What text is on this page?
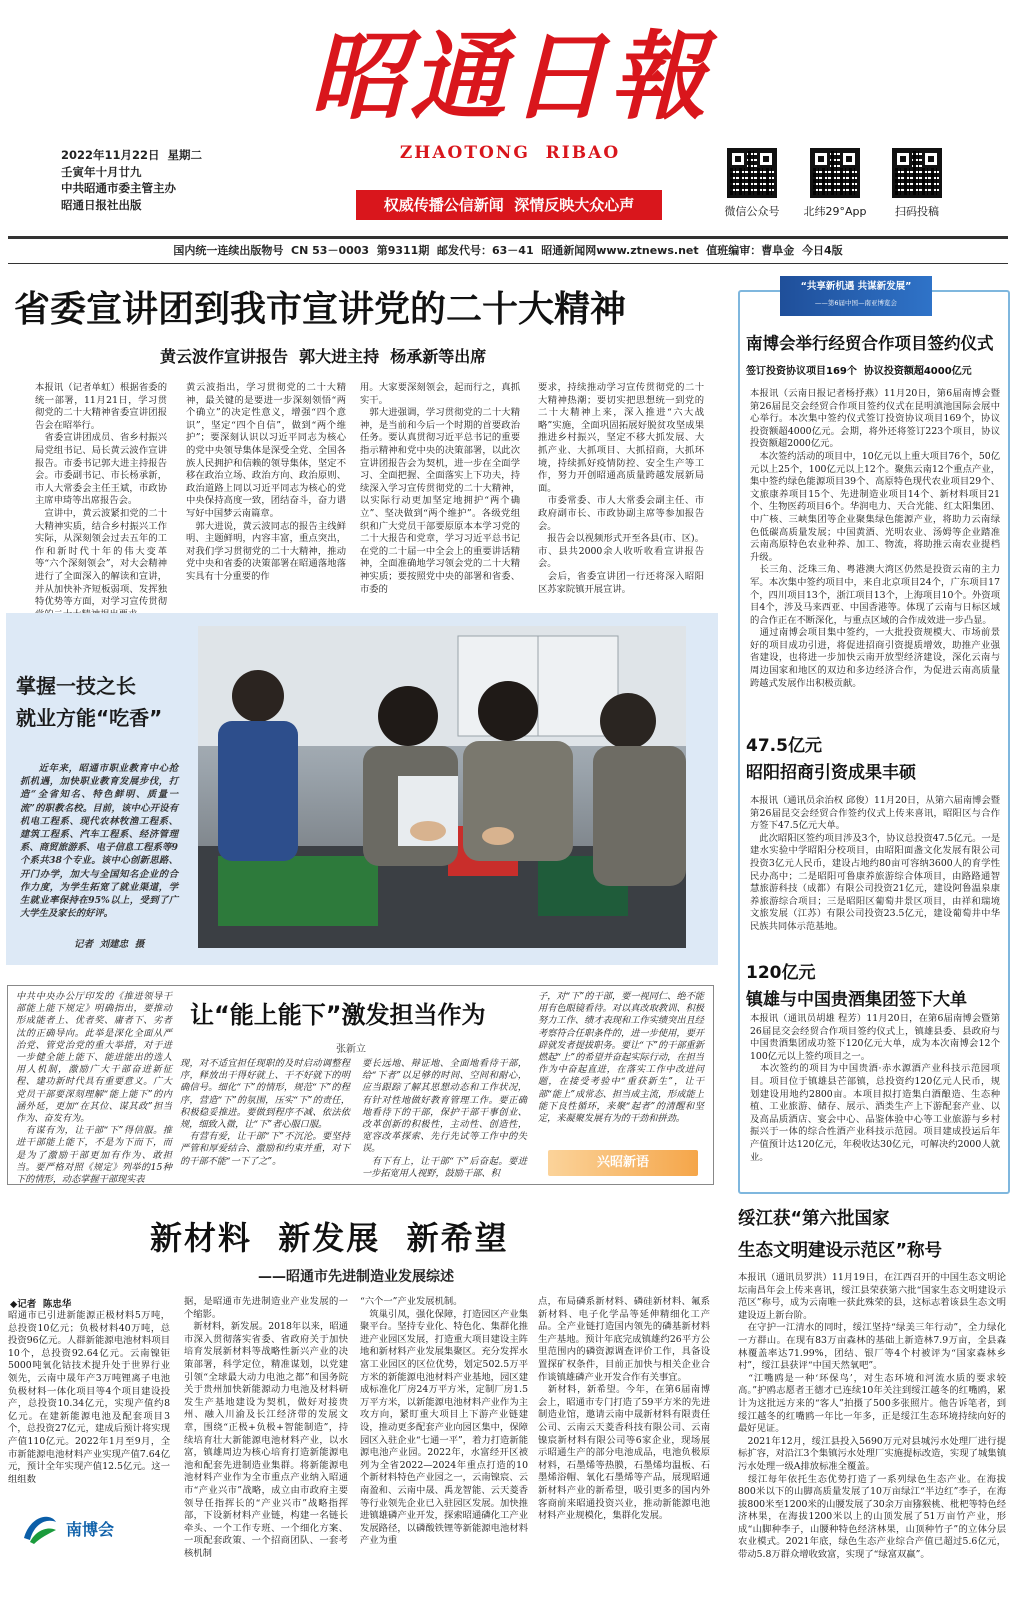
昭通日報
ZHAOTONG  RIBAO
权威传播公信新闻  深情反映大众心声
2022年11月22日  星期二
壬寅年十月廿九
中共昭通市委主管主办
昭通日报社出版	微信公众号	北纬29°App	扫码投稿
国内统一连续出版物号  CN 53－0003  第9311期  邮发代号：63－41  昭通新闻网www.ztnews.net  值班编审：曹阜金  今日4版
省委宣讲团到我市宣讲党的二十大精神
黄云波作宣讲报告  郭大进主持  杨承新等出席
本报讯（记者单虹）根据省委的统一部署，11月21日，学习贯彻党的二十大精神省委宣讲团报告会在昭举行。
　省委宣讲团成员、省乡村振兴局党组书记、局长黄云波作宣讲报告。市委书记郭大进主持报告会。市委副书记、市长杨承新，市人大常委会主任王斌，市政协主席申琦等出席报告会。
　宣讲中，黄云波紧扣党的二十大精神实质，结合乡村振兴工作实际，从深刻领会过去五年的工作和新时代十年的伟大变革等“六个深刻领会”，对大会精神进行了全面深入的解读和宣讲，并从加快补齐短板弱项、发挥独特优势等方面，对学习宣传贯彻
黄云波指出，学习贯彻党的二十大精神，最关键的是要进一步深刻领悟“两个确立”的决定性意义，增强“四个意识”，坚定“四个自信”，做到“两个维护”；要深刻认识以习近平同志为核心的党中央领导集体是深受全党、全国各族人民拥护和信赖的领导集体，坚定不移在政治立场、政治方向、政治原则、政治道路上同以习近平同志为核心的党中央保持高度一致，团结奋斗，奋力谱写好中国梦云南篇章。
　郭大进说，黄云波同志的报告主线鲜明、主题鲜明，内容丰富，重点突出，对我们学习贯彻党的二十大精神，推动党中央和省委的决策部署在昭通落地落实具有十分重要的作
用。大家要深刻领会，起而行之，真抓实干。
　郭大进强调，学习贯彻党的二十大精神，是当前和今后一个时期的首要政治任务。要认真贯彻习近平总书记的重要指示精神和党中央的决策部署，以此次宣讲团报告会为契机，进一步在全面学习、全面把握、全面落实上下功夫，持续深入学习宣传贯彻党的二十大精神，以实际行动更加坚定地拥护“两个确立”、坚决做到“两个维护”。各级党组织和广大党员干部要原原本本学习党的二十大报告和党章，学习习近平总书记在党的二十届一中全会上的重要讲话精神，全面准确地学习领会党的二十大精神实质；要按照党中央的部署和省委、市委的
要求，持续推动学习宣传贯彻党的二十大精神热潮；要切实把思想统一到党的二十大精神上来，深入推进“六大战略”实施，全面巩固拓展好脱贫攻坚成果推进乡村振兴，坚定不移大抓发展、大抓产业、大抓项目、大抓招商，大抓环境，持续抓好疫情防控、安全生产等工作，努力开创昭通高质量跨越发展新局面。
　市委常委、市人大常委会副主任、市政府副市长、市政协副主席等参加报告会。
　报告会以视频形式开至各县(市、区)。市、县共2000余人收听收看宣讲报告会。
　会后，省委宣讲团一行还将深入昭阳区苏家院镇开展宣讲。
掌握一技之长
就业方能“吃香”
近年来，昭通市职业教育中心抢抓机遇，加快职业教育发展步伐，打造“全省知名、特色鲜明、质量一流”的职教名校。目前，该中心开设有机电工程系、现代农林牧渔工程系、建筑工程系、汽车工程系、经济管理系、商贸旅游系、电子信息工程系等9个系共38个专业。该中心创新思路、开门办学，加大与全国知名企业的合作力度，为学生拓宽了就业渠道，学生就业率保持在95%以上，受到了广大学生及家长的好评。
记者  刘建忠  摄
中共中央办公厅印发的《推进领导干部能上能下规定》明确指出，要推动形成能者上、优者奖、庸者下、劣者汰的正确导向。此举是深化全面从严治党、管党治党的重大举措，对于进一步健全能上能下、能进能出的选人用人机制，激励广大干部奋进新征程、建功新时代具有重要意义。广大党员干部要深刻理解“能上能下”的内涵外延，更加“在其位、谋其政”担当作为、奋发有为。
　有谋有为，让干部“下”得信服。推进干部能上能下，不是为下而下，而是为了激励干部更加有作为、敢担当。要严格对照《规定》列举的15种下的情形，动态掌握干部现实表
让“能上能下”激发担当作为
张新立
现，对不适宜担任现职的及时启动调整程序，释放出干得好就上、干不好就下的明确信号。细化“下”的情形，规范“下”的程序，营造“下”的氛围，压实“下”的责任，积极稳妥推进。要做到程序不减、依法依规，细致入微，让“下”者心服口服。
　有营有爱，让干部“下”不沉沦。要坚持严管和厚爱结合、激励和约束并重，对下的干部不能“一下了之”。
要长远地、辩证地、全面地看待干部，给“下者”以足够的时间、空间和耐心，应当跟踪了解其思想动态和工作状况，有针对性地做好教育管理工作。要正确地看待下的干部，保护干部干事创业、改革创新的积极性，主动性、创造性，宽容改革探索、先行先试等工作中的失误。
　有下有上，让干部“下”后奋起。要进一步拓宽用人视野，鼓励干部、积
子，对“下”的干部，要一视同仁、绝不能用有色眼镜看待。对以真改取教训、积极努力工作、绩才表现和工作实绩突出且经考察符合任职条件的，进一步使用，要开辟就发者提拔职务。要让“下”的干部重新燃起“上”的希望并奋起实际行动，在担当作为中奋起直进，在落实工作中改进问题，在接受考验中“重获新生”，让干部“能上”成常态、担当成主流，形成能上能下良性循环，来聚“起者”的清醒和坚定，来凝聚发展有为的干劲和拼劲。
兴昭新语
新材料  新发展  新希望
——昭通市先进制造业发展综述
◆记者  陈忠华
昭通市已引进新能源正极材料5万吨，总投资10亿元；负极材料40万吨，总投资96亿元。人群新能源电池材料项目10个，总投资92.64亿元。云南镍钜5000吨氧化钴技术提升处于世界行业领先，云南中晟年产3万吨锂离子电池负极材料一体化项目等4个项目建设投产，总投资10.34亿元，实现产值约8亿元。在建新能源电池及配套项目3个，总投资27亿元，建成后预计将实现产值110亿元。2022年1月至9月，全市新能源电池材料产业实现产值7.64亿元，预计全年实现产值12.5亿元。这一组组数
据，是昭通市先进制造业产业发展的一个缩影。
　新材料，新发展。2018年以来，昭通市深入贯彻落实省委、省政府关于加快培育发展新材料等战略性新兴产业的决策部署，科学定位，精准谋划，以党建引领“全球最大动力电池之都”和国务院关于贵州加快新能源动力电池及材料研发生产基地建设为契机，做好对接贵州、融入川渝及长江经济带的发展文章，围绕“正极+负极+智能制造”，持续培育壮大新能源电池材料产业，以水富，镇雄周边为核心培育打造新能源电池和配套先进制造业集群。将新能源电池材料产业作为全市重点产业纳入昭通市“产业兴市”战略，成立由市政府主要领导任指挥长的“产业兴市”战略指挥部，下设新材料产业链，构建一名链长牵头、一个工作专班、一个细化方案、一项配套政策、一个招商团队、一套考核机制
“六个一”产业发展机制。
　筑巢引凤，强化保障，打造园区产业集聚平台。坚持专业化、特色化、集群化推进产业园区发展，打造重大项目建设主阵地和新材料产业发展集聚区。充分发挥水富工业园区的区位优势，划定502.5万平方米的新能源电池材料产业基地，园区建成标准化厂房24万平方米，定制厂房1.5万平方米，以新能源电池材料产业作为主攻方向，紧盯重大项目上下游产业链建设，推动更多配套产业向园区集中，保障园区入驻企业“七通一平”，着力打造新能源电池产业园。2022年，水富经开区被列为全省2022—2024年重点打造的10个新材料特色产业园之一，云南镍宸、云南盈和、云南中晟、禹龙智能、云天菱香等行业领先企业已入驻园区发展。加快推进镇雄磷产业开发，探索昭通磷化工产业发展路径，以磷酸铁锂等新能源电池材料产业为重
点，布局磷系新材料、磷硅新材料、氟系新材料、电子化学品等延伸精细化工产品。全产业链打造国内领先的磷基新材料生产基地。预计年底完成镇雄约26平方公里范围内的磷资源调查评价工作，具备设置探矿权条件，目前正加快与相关企业合作谈镇雄磷产业开发合作有关事宜。
　新材料，新希望。今年，在第6届南博会上，昭通市专门打造了59平方米的先进制造业馆，邀请云南中晟新材料有限责任公司、云南云天菱香科技有限公司、云南镍宸新材料有限公司等6家企业，现场展示昭通生产的部分电池成品，电池负极原材料，石墨烯等热膜，石墨烯均温板、石墨烯浴帽、氧化石墨烯等产品，展现昭通新材料产业的新希望，吸引更多的国内外客商前来昭通投资兴业，推动新能源电池材料产业规模化，集群化发展。
南博会
“共享新机遇 共谋新发展”
——第6届中国—南亚博览会
南博会举行经贸合作项目签约仪式
签订投资协议项目169个  协议投资额超4000亿元
本报讯（云南日报记者杨抒燕）11月20日，第6届南博会暨第26届昆交会经贸合作项目签约仪式在昆明滇池国际会展中心举行。本次集中签约仪式签订投资协议项目169个，协议投资额超4000亿元。会期，将外还将签订223个项目，协议投资额超2000亿元。
　本次签约活动的项目中，10亿元以上重大项目76个，50亿元以上25个，100亿元以上12个。聚焦云南12个重点产业，集中签约绿色能源项目39个、高原特色现代农业项目29个、文旅康养项目15个、先进制造业项目14个、新材料项目21个、生物医药项目6个。华润电力、天合光能、红太阳集团、中广核、三峡集团等企业聚集绿色能源产业，将助力云南绿色低碳高质量发展；中国黄酒、光明农业、汤姆等企业踏准云南高原特色农业种养、加工、物流，将助推云南农业提档升级。
　长三角、泛珠三角、粤港澳大湾区仍然是投资云南的主力军。本次集中签约项目中，来自北京项目24个，广东项目17个，四川项目13个，浙江项目13个，上海项目10个。外资项目4个，涉及马来西亚、中国香港等。体现了云南与日标区域的合作正在不断深化，与重点区域的合作成效进一步凸显。
　通过南博会项目集中签约，一大批投资规模大、市场前景好的项目成功引进，将促进招商引资提质增效，助推产业强省建设，也将进一步加快云南开放型经济建设，深化云南与周边国家和地区的双边和多边经济合作，为促进云南高质量跨越式发展作出积极贡献。
47.5亿元
昭阳招商引资成果丰硕
本报讯（通讯员余治权 邱俊）11月20日，从第六届南博会暨第26届昆交会经贸合作签约仪式上传来喜讯，昭阳区与合作方签下47.5亿元大单。
　此次昭阳区签约项目涉及3个，协议总投资47.5亿元。一是建水实验中学昭阳分校项目，由昭阳面盏文化发展有限公司投资3亿元人民币，建设占地约80亩可容纳3600人的育学性民办高中；二是昭阳可鲁康养旅游综合体项目，由路路通智慧旅游科技（成都）有限公司投资21亿元，建设阿鲁温泉康养旅游综合项目；三是昭阳区葡萄井景区项目，由祥和瑞境文旅发展（江苏）有限公司投资23.5亿元，建设葡萄井中华民族共同体示范基地。
120亿元
镇雄与中国贵酒集团签下大单
本报讯（通讯员胡雄 程芳）11月20日，在第6届南博会暨第26届昆交会经贸合作项目签约仪式上，镇雄县委、县政府与中国贵酒集团成功签下120亿元大单，成为本次南博会12个100亿元以上签约项目之一。
　本次签约的项目为中国贵酒·赤水源酒产业科技示范园项目。项目位于镇雄县芒部镇，总投资约120亿元人民币，规划建设用地约2800亩。本项目拟打造集白酒酿造、生态种植、工业旅游、储存、展示、酒类生产上下游配套产业、以及高品质酒店、宴会中心、品鉴体验中心等工业旅游与乡村振兴于一体的综合性酒产业科技示范园。项目建成投运后年产值预计达120亿元，年税收达30亿元，可解决约2000人就业。
绥江获“第六批国家
生态文明建设示范区”称号
本报讯（通讯员罗洪）11月19日，在江西召开的中国生态文明论坛南昌年会上传来喜讯，绥江县荣获第六批“国家生态文明建设示范区”称号，成为云南唯一获此殊荣的县，这标志着该县生态文明建设迈上新台阶。
　在守护一江清水的同时，绥江坚持“绿美三年行动”，全力绿化一方群山。在现有83万亩森林的基础上新造林7.9万亩，全县森林覆盖率达71.99%，团结、银厂等4个村被评为“国家森林乡村”，绥江县获评“中国天然氧吧”。
　“江嘴鸥是一种‘环保鸟’，对生态环境和河流水质的要求较高。”护鸥志愿者王德才已连续10年关注到绥江越冬的红嘴鸥，累计为这批远方来的“客人”拍摄了500多张照片。他告诉笔者，到绥江越冬的红嘴鸥一年比一年多，正是绥江生态环境持续向好的最好见证。
　2021年12月，绥江县投入5690万元对县城污水处理厂进行提标扩容，对沿江3个集镇污水处理厂实施提标改造，实现了城集镇污水处理一级A排放标准全覆盖。
　绥江每年依托生态优势打造了一系列绿色生态产业。在海拔800米以下的山脚高质量发展了10万亩绿江“半边红”李子，在海拔800米至1200米的山腰发展了30余万亩猕猴桃、枇杷等特色经济林果，在海拔1200米以上的山顶发展了51万亩竹产业，形成“山脚种李子，山腰种特色经济林果，山顶种竹子”的立体分层农业模式。2021年底，绿色生态产业综合产值已超过5.6亿元，带动5.8万群众增收致富，实现了“绿富双赢”。
